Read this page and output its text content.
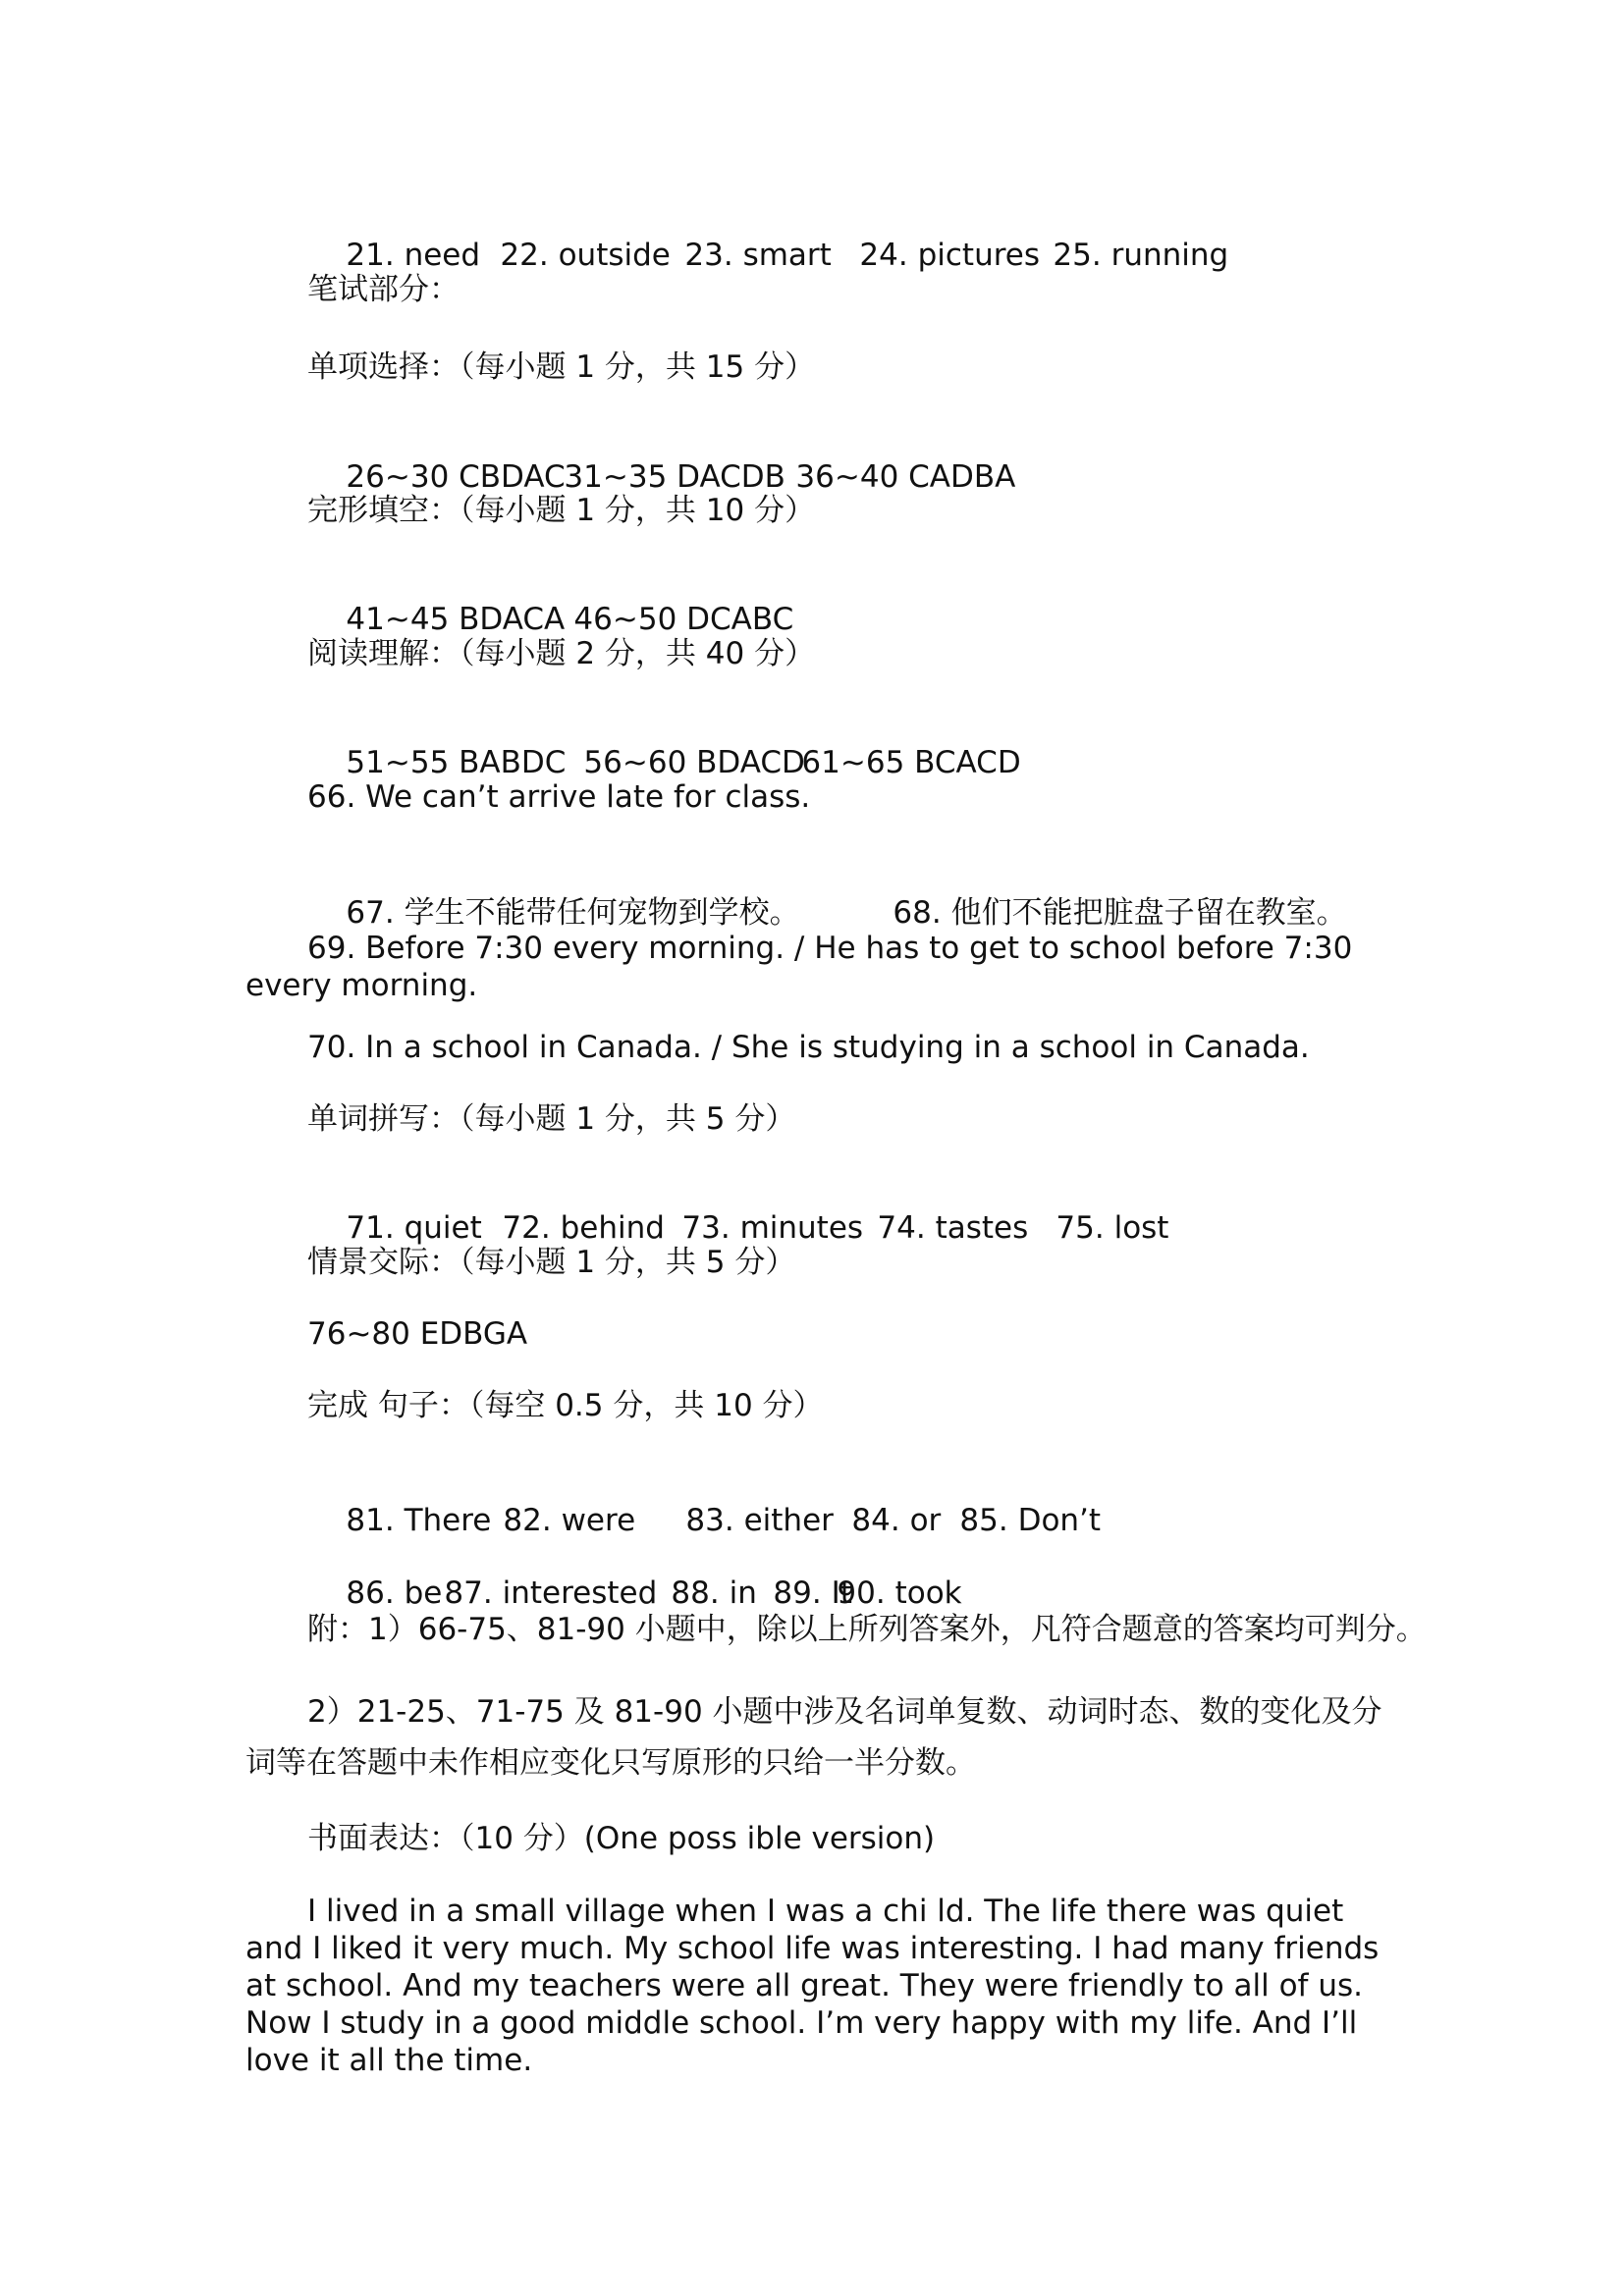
21. need 22. outside 23. smart 24. pictures 25. running

笔试部分：
单项选择：（每小题 1 分，共 15 分）

26~30 CBDAC31~35 DACDB 36~40 CADBA

完形填空：（每小题 1 分，共 10 分）

41~45 BDACA 46~50 DCABC

阅读理解：（每小题 2 分，共 40 分）

51~55 BABDC 56~60 BDACD61~65 BCACD

66. We can’t arrive late for class.

67. 学生不能带任何宠物到学校。	68. 他们不能把脏盘子留在教室。

69. Before 7:30 every morning. / He has to get to school before 7:30 every morning.
70. In a school in Canada. / She is studying in a school in Canada.
单词拼写：（每小题 1 分，共 5 分）

71. quiet 72. behind 73. minutes 74. tastes 75. lost

情景交际：（每小题 1 分，共 5 分）
76~80 EDBGA
完成 句子：（每空 0.5 分，共 10 分）

81. There 82. were 83. either 84. or 85. Don’t

86. be87. interested 88. in 89. It90. took

附：1）66-75、81-90 小题中，除以上所列答案外，凡符合题意的答案均可判分。
2）21-25、71-75 及 81-90 小题中涉及名词单复数、动词时态、数的变化及分词等在答题中未作相应变化只写原形的只给一半分数。
书面表达：（10 分）(One poss ible version)
I lived in a small village when I was a chi ld. The life there was quiet and I liked it very much. My school life was interesting. I had many friends at school. And my teachers were all great. They were friendly to all of us. Now I study in a good middle school. I’m very happy with my life. And I’ll love it all the time.
